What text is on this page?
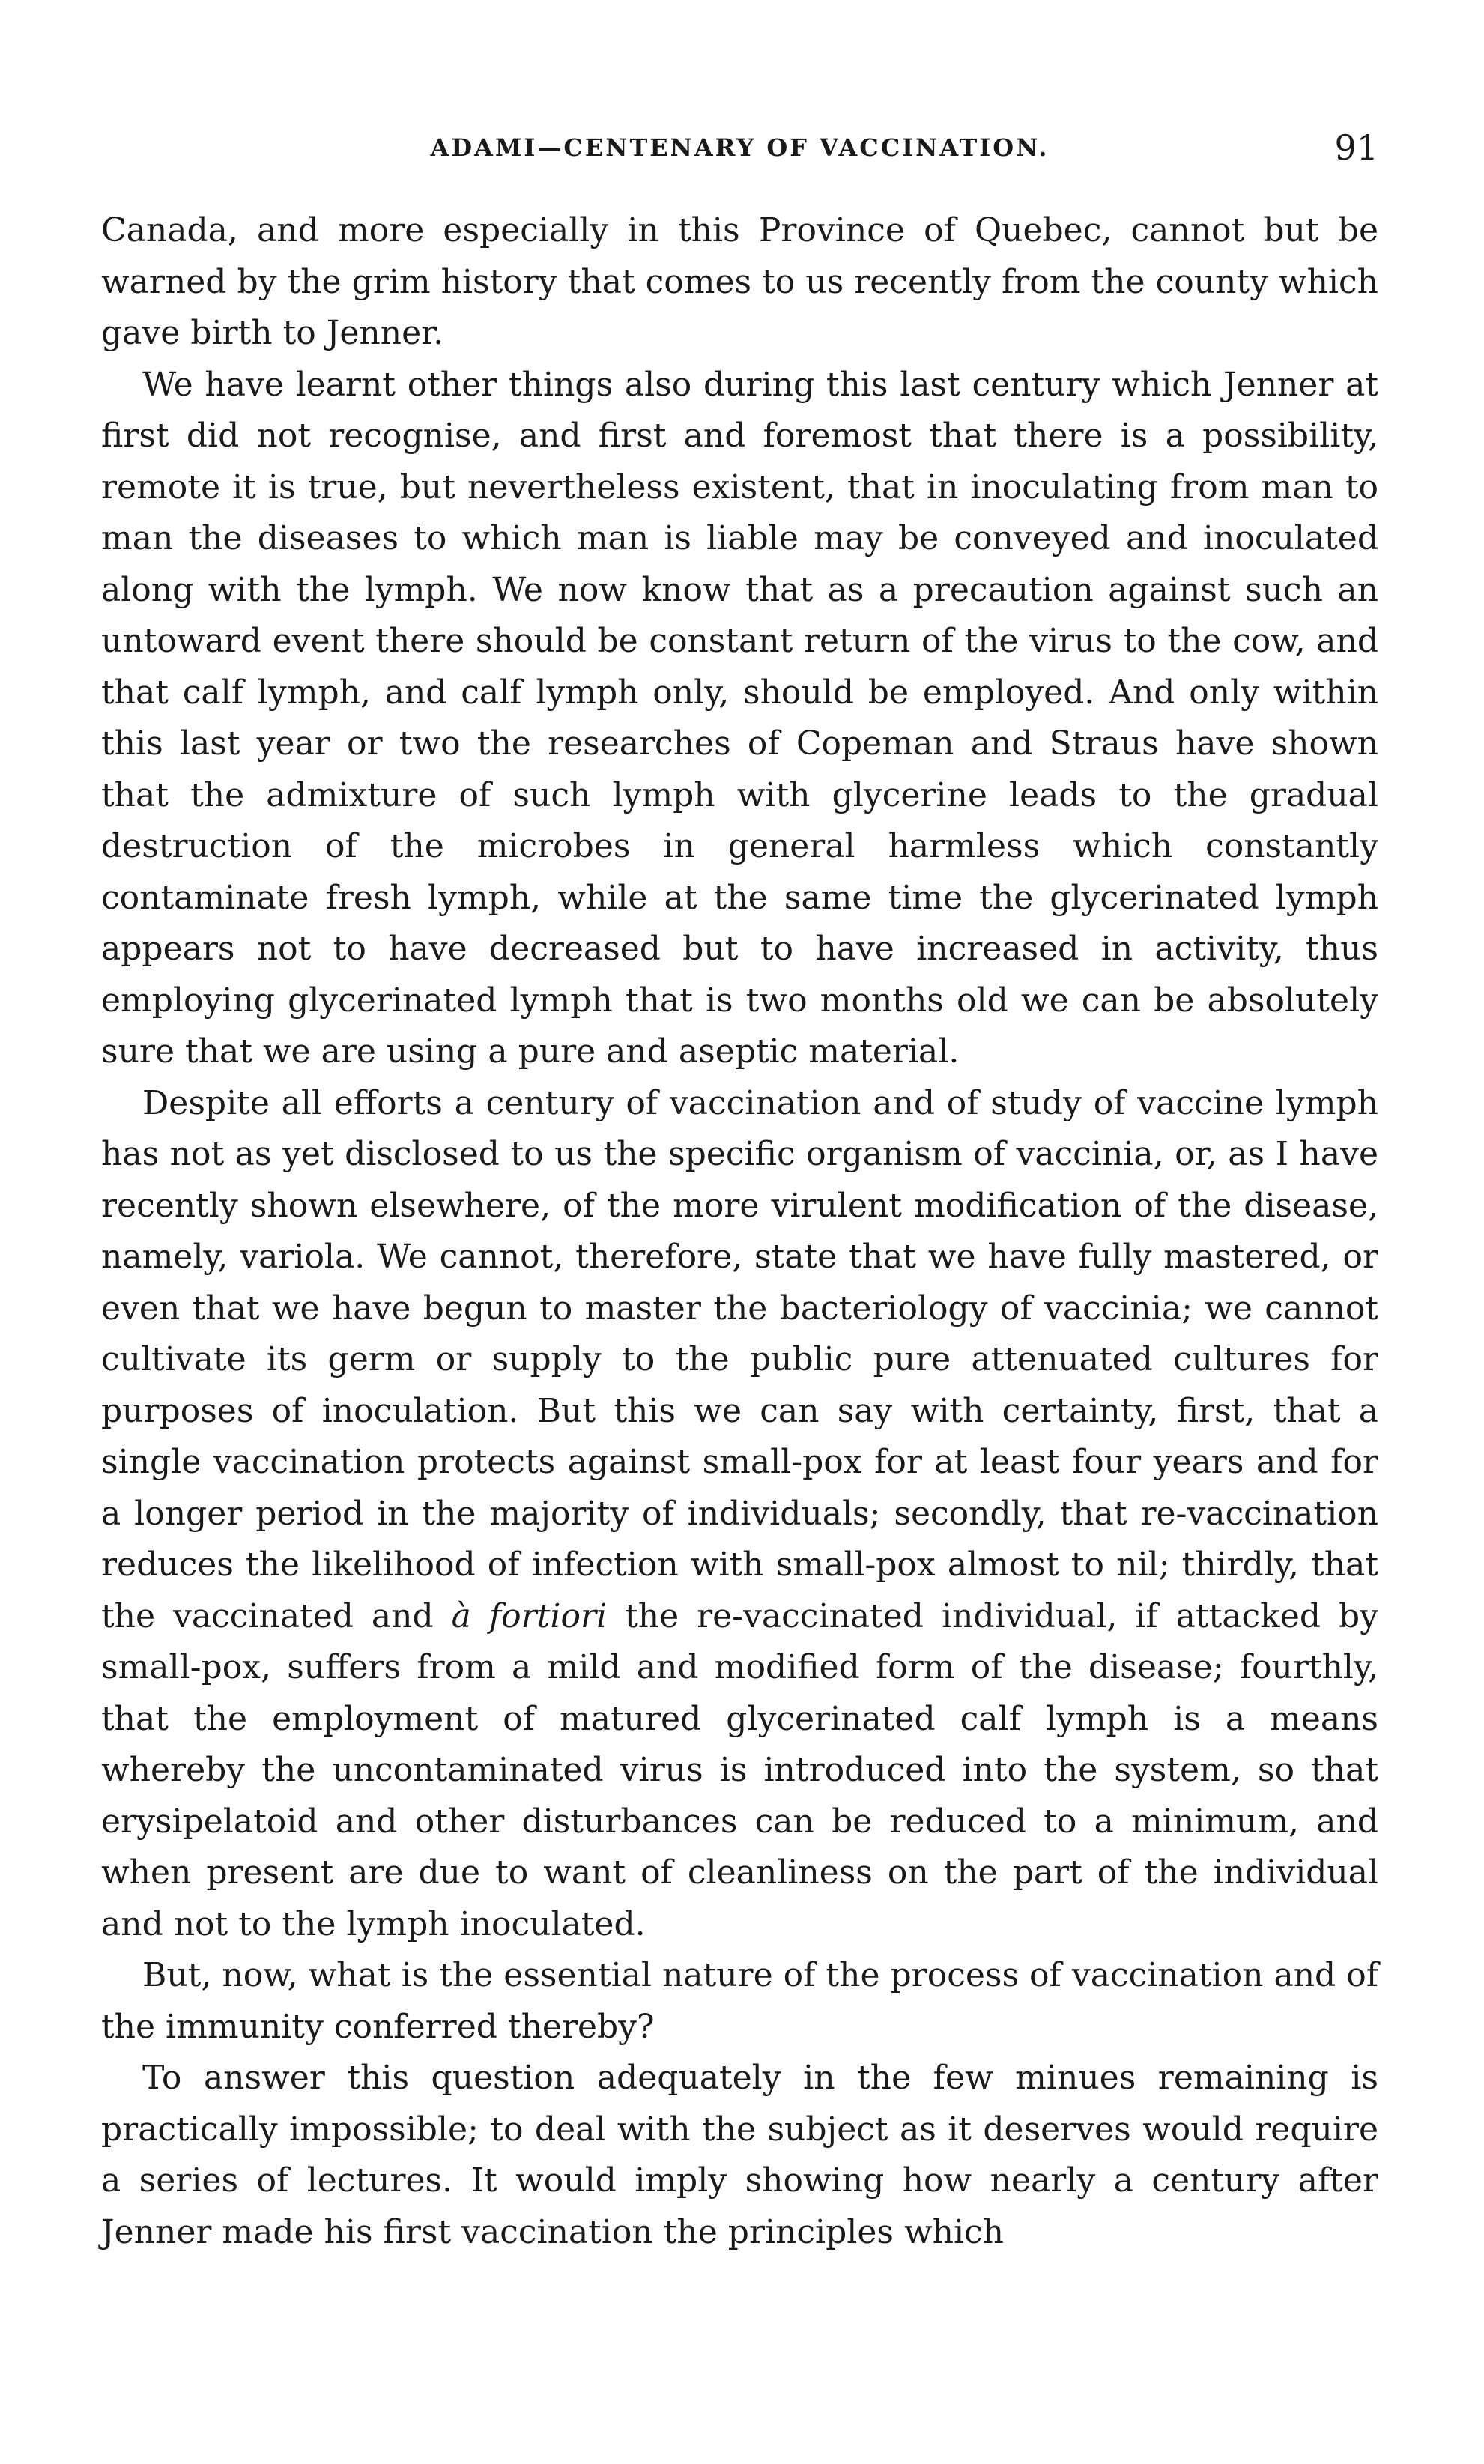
ADAMI—CENTENARY OF VACCINATION.	91

Canada, and more especially in this Province of Quebec, cannot but be warned by the grim history that comes to us recently from the county which gave birth to Jenner.

We have learnt other things also during this last century which Jenner at first did not recognise, and first and foremost that there is a possibility, remote it is true, but nevertheless existent, that in inoculating from man to man the diseases to which man is liable may be conveyed and inoculated along with the lymph. We now know that as a precaution against such an untoward event there should be constant return of the virus to the cow, and that calf lymph, and calf lymph only, should be employed. And only within this last year or two the researches of Copeman and Straus have shown that the admixture of such lymph with glycerine leads to the gradual destruction of the microbes in general harmless which constantly contaminate fresh lymph, while at the same time the glycerinated lymph appears not to have decreased but to have increased in activity, thus employing glycerinated lymph that is two months old we can be absolutely sure that we are using a pure and aseptic material.

Despite all efforts a century of vaccination and of study of vaccine lymph has not as yet disclosed to us the specific organism of vaccinia, or, as I have recently shown elsewhere, of the more virulent modification of the disease, namely, variola. We cannot, therefore, state that we have fully mastered, or even that we have begun to master the bacteriology of vaccinia; we cannot cultivate its germ or supply to the public pure attenuated cultures for purposes of inoculation. But this we can say with certainty, first, that a single vaccination protects against small-pox for at least four years and for a longer period in the majority of individuals; secondly, that re-vaccination reduces the likelihood of infection with small-pox almost to nil; thirdly, that the vaccinated and à fortiori the re-vaccinated individual, if attacked by small-pox, suffers from a mild and modified form of the disease; fourthly, that the employment of matured glycerinated calf lymph is a means whereby the uncontaminated virus is introduced into the system, so that erysipelatoid and other disturbances can be reduced to a minimum, and when present are due to want of cleanliness on the part of the individual and not to the lymph inoculated.

But, now, what is the essential nature of the process of vaccination and of the immunity conferred thereby?

To answer this question adequately in the few minues remaining is practically impossible; to deal with the subject as it deserves would require a series of lectures. It would imply showing how nearly a century after Jenner made his first vaccination the principles which
